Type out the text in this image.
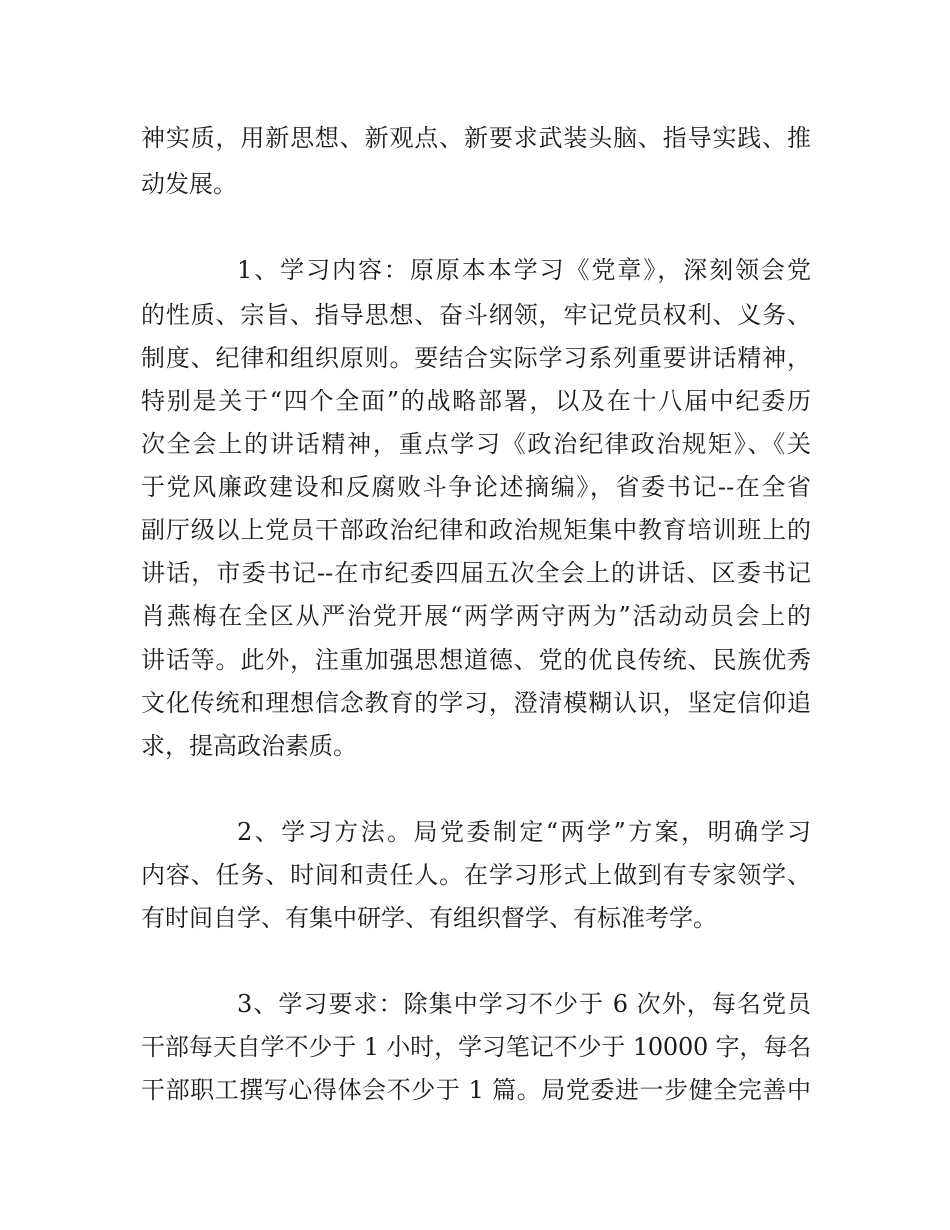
神实质，用新思想、新观点、新要求武装头脑、指导实践、推
动发展。
1、学习内容：原原本本学习《党章》，深刻领会党
的性质、宗旨、指导思想、奋斗纲领，牢记党员权利、义务、
制度、纪律和组织原则。要结合实际学习系列重要讲话精神，
特别是关于“四个全面”的战略部署，以及在十八届中纪委历
次全会上的讲话精神，重点学习《政治纪律政治规矩》、《关
于党风廉政建设和反腐败斗争论述摘编》，省委书记--在全省
副厅级以上党员干部政治纪律和政治规矩集中教育培训班上的
讲话，市委书记--在市纪委四届五次全会上的讲话、区委书记
肖燕梅在全区从严治党开展“两学两守两为”活动动员会上的
讲话等。此外，注重加强思想道德、党的优良传统、民族优秀
文化传统和理想信念教育的学习，澄清模糊认识，坚定信仰追
求，提高政治素质。
2、学习方法。局党委制定“两学”方案，明确学习
内容、任务、时间和责任人。在学习形式上做到有专家领学、
有时间自学、有集中研学、有组织督学、有标准考学。
3、学习要求：除集中学习不少于 6 次外，每名党员
干部每天自学不少于 1 小时，学习笔记不少于 10000 字，每名
干部职工撰写心得体会不少于 1 篇。局党委进一步健全完善中
